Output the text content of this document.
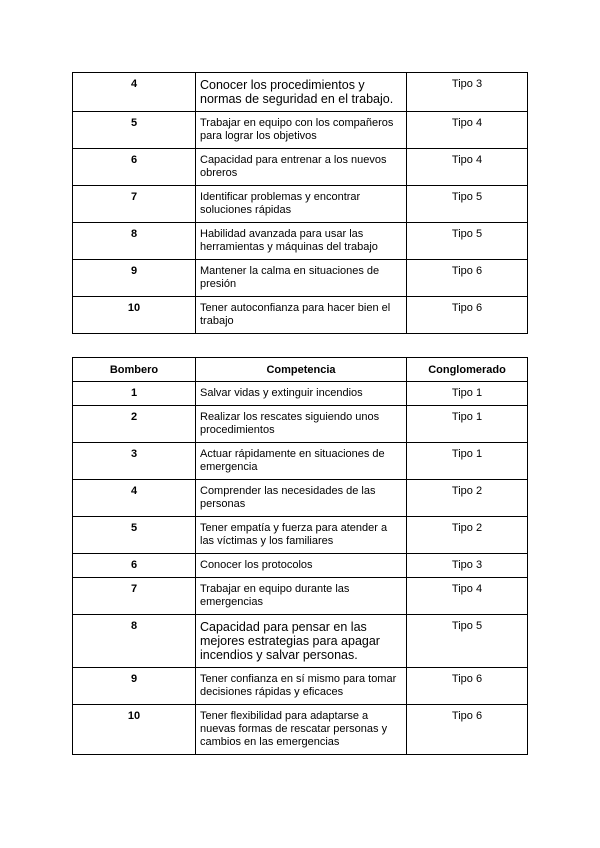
4	Conocer los procedimientos y normas de seguridad en el trabajo.	Tipo 3
5	Trabajar en equipo con los compañeros para lograr los objetivos	Tipo 4
6	Capacidad para entrenar a los nuevos obreros	Tipo 4
7	Identificar problemas y encontrar soluciones rápidas	Tipo 5
8	Habilidad avanzada para usar las herramientas y máquinas del trabajo	Tipo 5
9	Mantener la calma en situaciones de presión	Tipo 6
10	Tener autoconfianza para hacer bien el trabajo	Tipo 6
Bombero	Competencia	Conglomerado
1	Salvar vidas y extinguir incendios	Tipo 1
2	Realizar los rescates siguiendo unos procedimientos	Tipo 1
3	Actuar rápidamente en situaciones de emergencia	Tipo 1
4	Comprender las necesidades de las personas	Tipo 2
5	Tener empatía y fuerza para atender a las víctimas y los familiares	Tipo 2
6	Conocer los protocolos	Tipo 3
7	Trabajar en equipo durante las emergencias	Tipo 4
8	Capacidad para pensar en las mejores estrategias para apagar incendios y salvar personas.	Tipo 5
9	Tener confianza en sí mismo para tomar decisiones rápidas y eficaces	Tipo 6
10	Tener flexibilidad para adaptarse a nuevas formas de rescatar personas y cambios en las emergencias	Tipo 6
